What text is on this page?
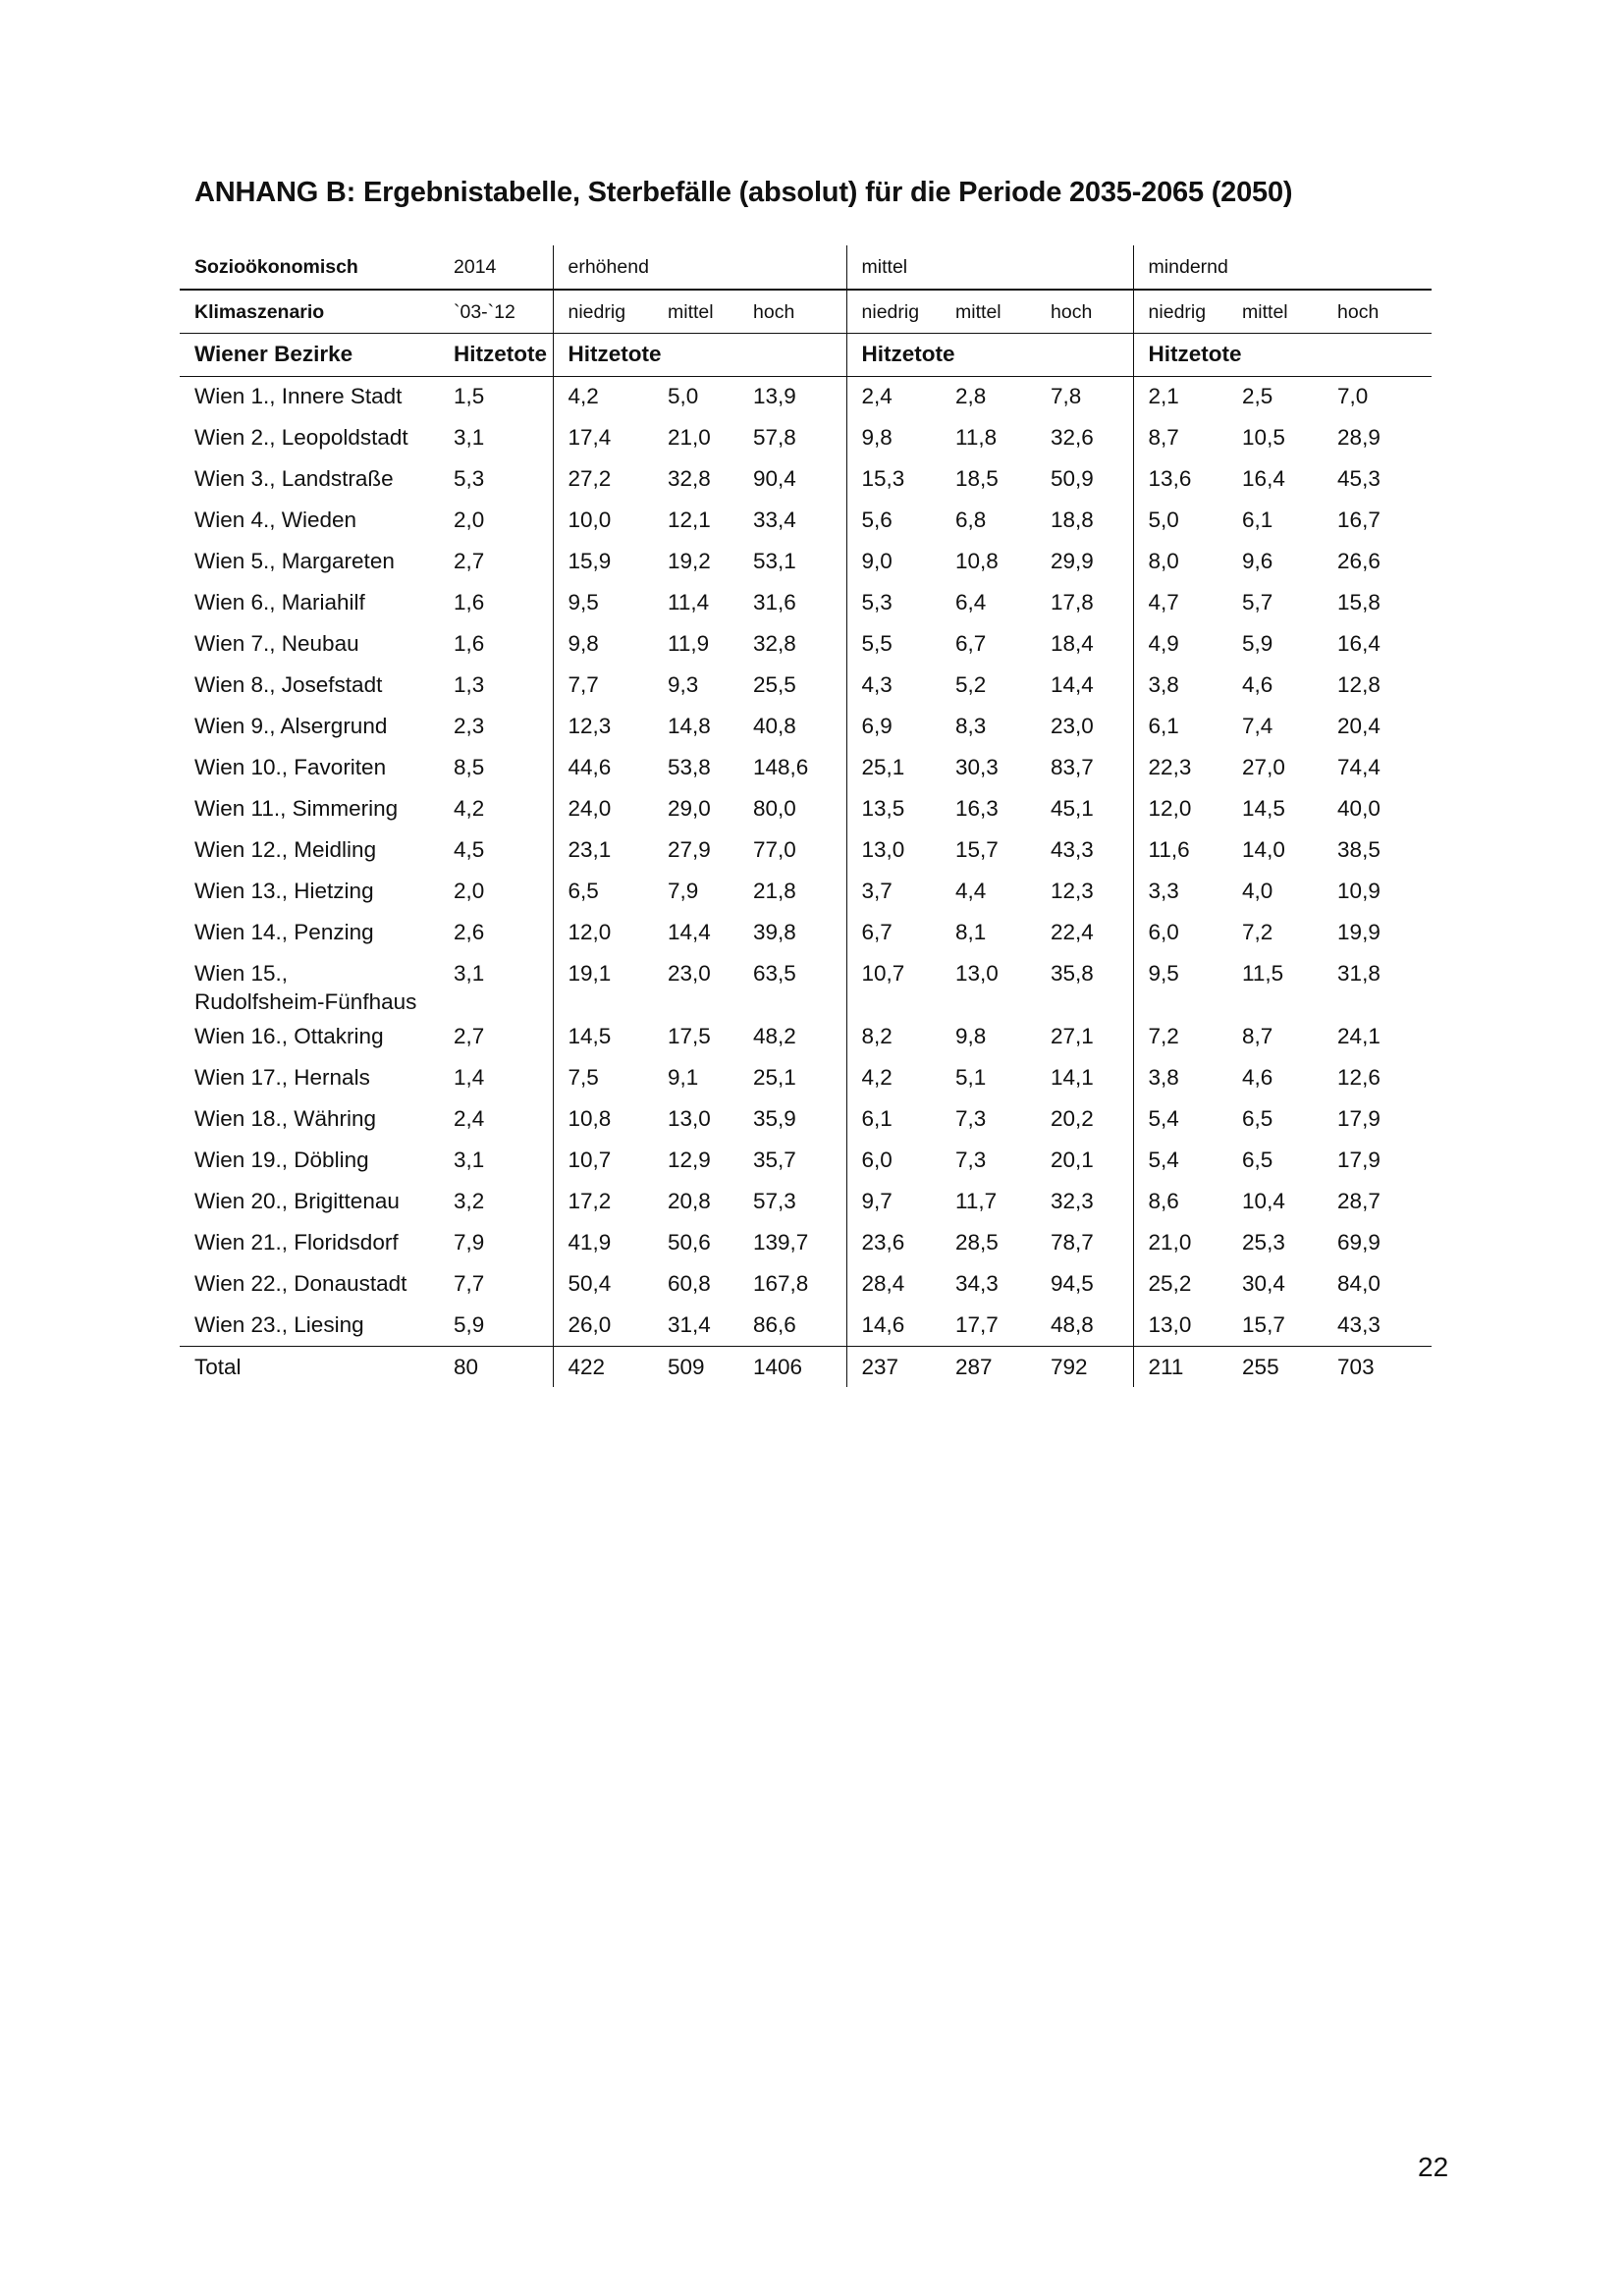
ANHANG B: Ergebnistabelle, Sterbefälle (absolut) für die Periode 2035-2065 (2050)
Sozioökonomisch	2014	erhöhend			mittel			mindernd		
Klimaszenario	`03-`12	niedrig	mittel	hoch	niedrig	mittel	hoch	niedrig	mittel	hoch
Wiener Bezirke	Hitzetote	Hitzetote			Hitzetote			Hitzetote		
Wien 1., Innere Stadt	1,5	4,2	5,0	13,9	2,4	2,8	7,8	2,1	2,5	7,0
Wien 2., Leopoldstadt	3,1	17,4	21,0	57,8	9,8	11,8	32,6	8,7	10,5	28,9
Wien 3., Landstraße	5,3	27,2	32,8	90,4	15,3	18,5	50,9	13,6	16,4	45,3
Wien 4., Wieden	2,0	10,0	12,1	33,4	5,6	6,8	18,8	5,0	6,1	16,7
Wien 5., Margareten	2,7	15,9	19,2	53,1	9,0	10,8	29,9	8,0	9,6	26,6
Wien 6., Mariahilf	1,6	9,5	11,4	31,6	5,3	6,4	17,8	4,7	5,7	15,8
Wien 7., Neubau	1,6	9,8	11,9	32,8	5,5	6,7	18,4	4,9	5,9	16,4
Wien 8., Josefstadt	1,3	7,7	9,3	25,5	4,3	5,2	14,4	3,8	4,6	12,8
Wien 9., Alsergrund	2,3	12,3	14,8	40,8	6,9	8,3	23,0	6,1	7,4	20,4
Wien 10., Favoriten	8,5	44,6	53,8	148,6	25,1	30,3	83,7	22,3	27,0	74,4
Wien 11., Simmering	4,2	24,0	29,0	80,0	13,5	16,3	45,1	12,0	14,5	40,0
Wien 12., Meidling	4,5	23,1	27,9	77,0	13,0	15,7	43,3	11,6	14,0	38,5
Wien 13., Hietzing	2,0	6,5	7,9	21,8	3,7	4,4	12,3	3,3	4,0	10,9
Wien 14., Penzing	2,6	12,0	14,4	39,8	6,7	8,1	22,4	6,0	7,2	19,9

Wien 15.,
Rudolfsheim-Fünfhaus	3,1	19,1	23,0	63,5	10,7	13,0	35,8	9,5	11,5	31,8
Wien 16., Ottakring	2,7	14,5	17,5	48,2	8,2	9,8	27,1	7,2	8,7	24,1
Wien 17., Hernals	1,4	7,5	9,1	25,1	4,2	5,1	14,1	3,8	4,6	12,6
Wien 18., Währing	2,4	10,8	13,0	35,9	6,1	7,3	20,2	5,4	6,5	17,9
Wien 19., Döbling	3,1	10,7	12,9	35,7	6,0	7,3	20,1	5,4	6,5	17,9
Wien 20., Brigittenau	3,2	17,2	20,8	57,3	9,7	11,7	32,3	8,6	10,4	28,7
Wien 21., Floridsdorf	7,9	41,9	50,6	139,7	23,6	28,5	78,7	21,0	25,3	69,9
Wien 22., Donaustadt	7,7	50,4	60,8	167,8	28,4	34,3	94,5	25,2	30,4	84,0
Wien 23., Liesing	5,9	26,0	31,4	86,6	14,6	17,7	48,8	13,0	15,7	43,3
Total	80	422	509	1406	237	287	792	211	255	703
22
